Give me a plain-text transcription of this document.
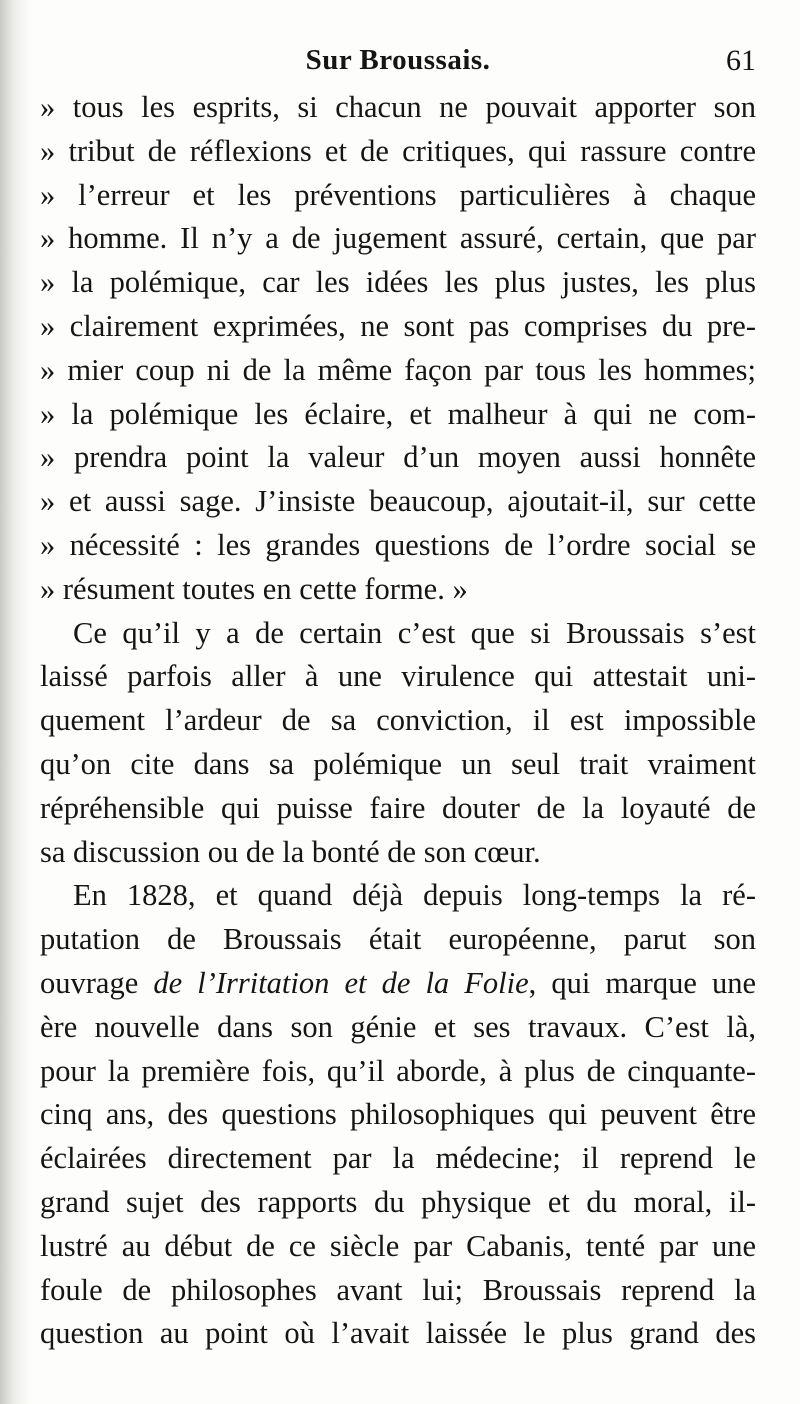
Sur Broussais.	61
» tous les esprits, si chacun ne pouvait apporter son
» tribut de réflexions et de critiques, qui rassure contre
» l’erreur et les préventions particulières à chaque
» homme. Il n’y a de jugement assuré, certain, que par
» la polémique, car les idées les plus justes, les plus
» clairement exprimées, ne sont pas comprises du pre-
» mier coup ni de la même façon par tous les hommes;
» la polémique les éclaire, et malheur à qui ne com-
» prendra point la valeur d’un moyen aussi honnête
» et aussi sage. J’insiste beaucoup, ajoutait-il, sur cette
» nécessité : les grandes questions de l’ordre social se
» résument toutes en cette forme. »
Ce qu’il y a de certain c’est que si Broussais s’est
laissé parfois aller à une virulence qui attestait uni-
quement l’ardeur de sa conviction, il est impossible
qu’on cite dans sa polémique un seul trait vraiment
répréhensible qui puisse faire douter de la loyauté de
sa discussion ou de la bonté de son cœur.
En 1828, et quand déjà depuis long-temps la ré-
putation de Broussais était européenne, parut son
ouvrage de l’Irritation et de la Folie, qui marque une
ère nouvelle dans son génie et ses travaux. C’est là,
pour la première fois, qu’il aborde, à plus de cinquante-
cinq ans, des questions philosophiques qui peuvent être
éclairées directement par la médecine; il reprend le
grand sujet des rapports du physique et du moral, il-
lustré au début de ce siècle par Cabanis, tenté par une
foule de philosophes avant lui; Broussais reprend la
question au point où l’avait laissée le plus grand des
